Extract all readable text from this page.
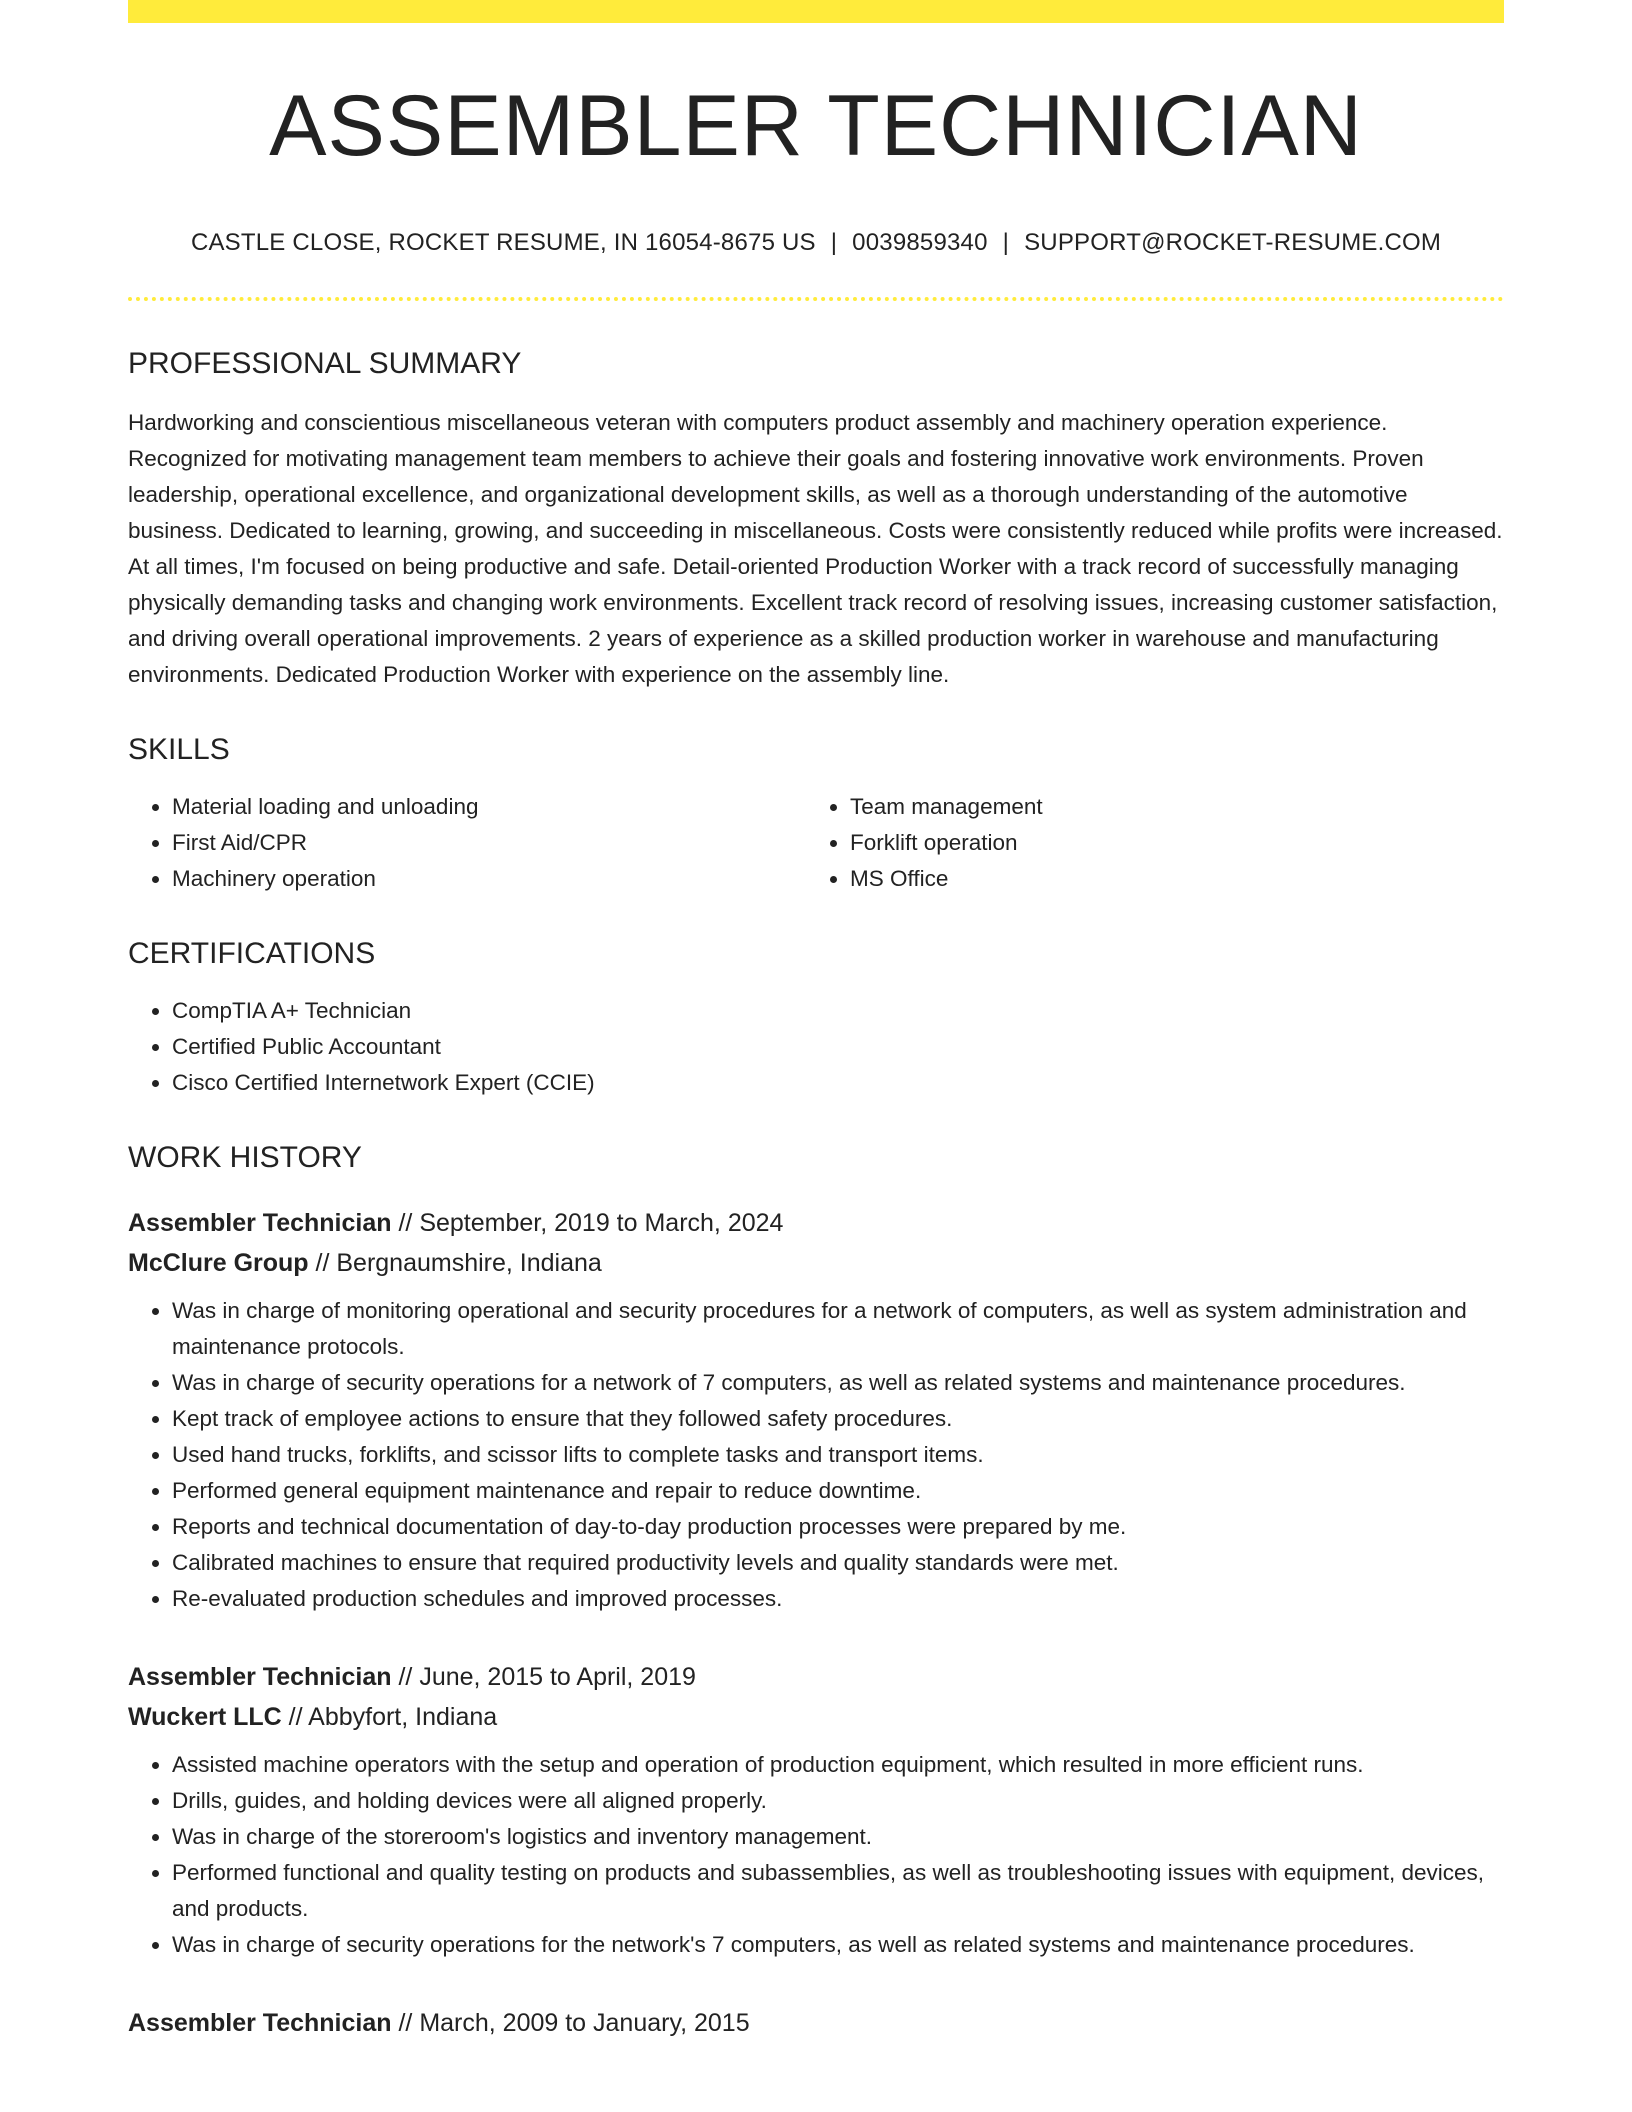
ASSEMBLER TECHNICIAN
CASTLE CLOSE, ROCKET RESUME, IN 16054-8675 US | 0039859340 | SUPPORT@ROCKET-RESUME.COM
PROFESSIONAL SUMMARY
Hardworking and conscientious miscellaneous veteran with computers product assembly and machinery operation experience. Recognized for motivating management team members to achieve their goals and fostering innovative work environments. Proven leadership, operational excellence, and organizational development skills, as well as a thorough understanding of the automotive business. Dedicated to learning, growing, and succeeding in miscellaneous. Costs were consistently reduced while profits were increased. At all times, I'm focused on being productive and safe. Detail-oriented Production Worker with a track record of successfully managing physically demanding tasks and changing work environments. Excellent track record of resolving issues, increasing customer satisfaction, and driving overall operational improvements. 2 years of experience as a skilled production worker in warehouse and manufacturing environments. Dedicated Production Worker with experience on the assembly line.
SKILLS
• Material loading and unloading
• First Aid/CPR
• Machinery operation
• Team management
• Forklift operation
• MS Office
CERTIFICATIONS
• CompTIA A+ Technician
• Certified Public Accountant
• Cisco Certified Internetwork Expert (CCIE)
WORK HISTORY
Assembler Technician // September, 2019 to March, 2024
McClure Group // Bergnaumshire, Indiana
• Was in charge of monitoring operational and security procedures for a network of computers, as well as system administration and maintenance protocols.
• Was in charge of security operations for a network of 7 computers, as well as related systems and maintenance procedures.
• Kept track of employee actions to ensure that they followed safety procedures.
• Used hand trucks, forklifts, and scissor lifts to complete tasks and transport items.
• Performed general equipment maintenance and repair to reduce downtime.
• Reports and technical documentation of day-to-day production processes were prepared by me.
• Calibrated machines to ensure that required productivity levels and quality standards were met.
• Re-evaluated production schedules and improved processes.
Assembler Technician // June, 2015 to April, 2019
Wuckert LLC // Abbyfort, Indiana
• Assisted machine operators with the setup and operation of production equipment, which resulted in more efficient runs.
• Drills, guides, and holding devices were all aligned properly.
• Was in charge of the storeroom's logistics and inventory management.
• Performed functional and quality testing on products and subassemblies, as well as troubleshooting issues with equipment, devices, and products.
• Was in charge of security operations for the network's 7 computers, as well as related systems and maintenance procedures.
Assembler Technician // March, 2009 to January, 2015
